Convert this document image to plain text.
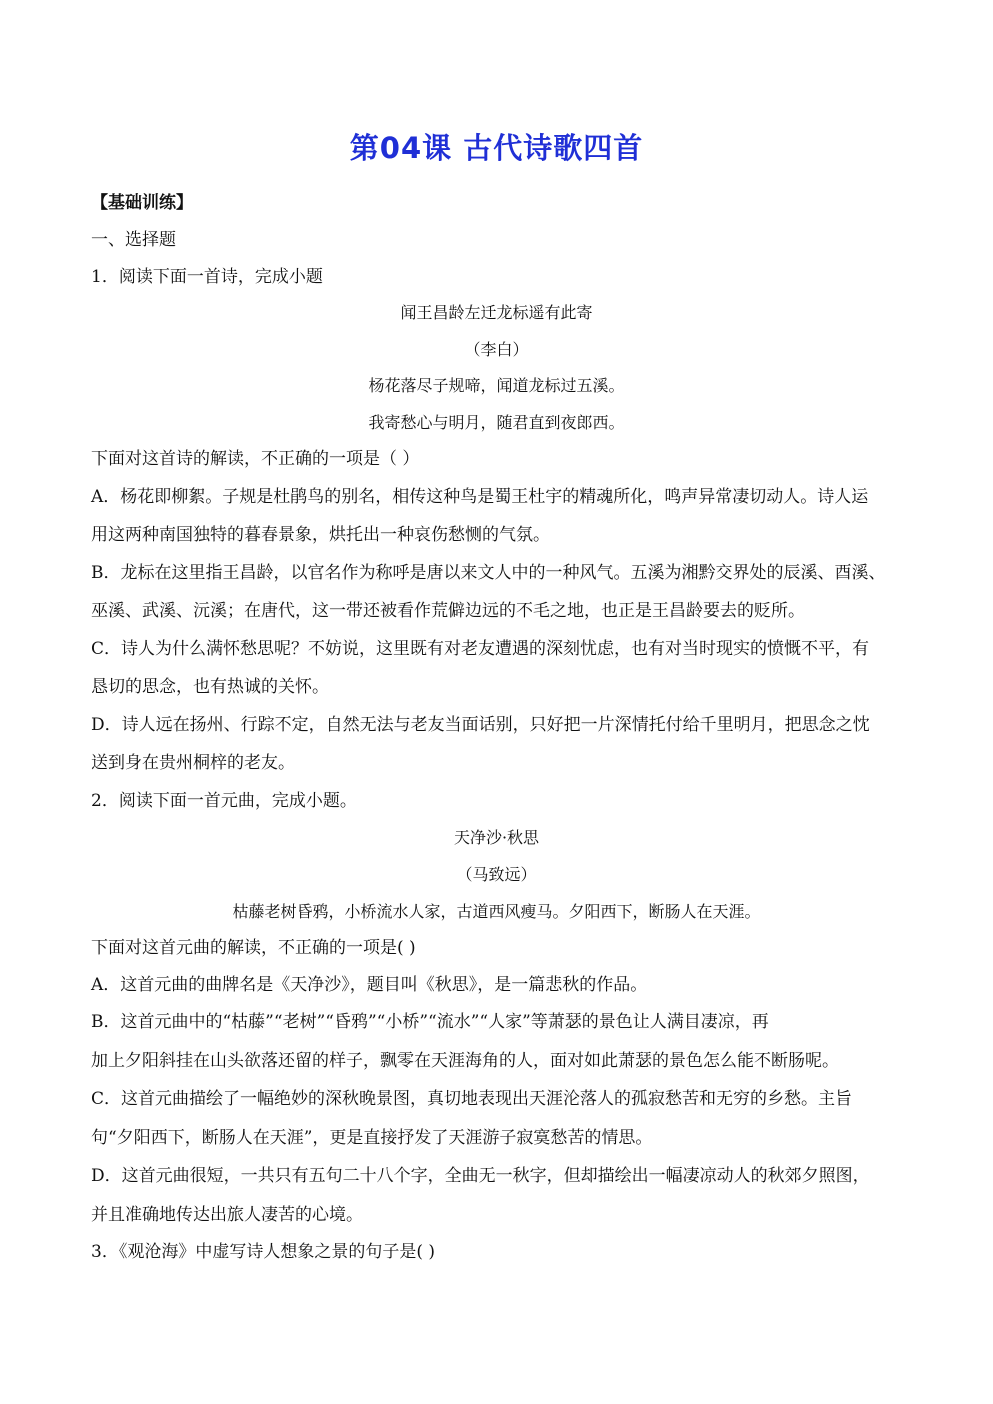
第04课 古代诗歌四首
【基础训练】
一、选择题
1．阅读下面一首诗，完成小题
闻王昌龄左迁龙标遥有此寄
（李白）
杨花落尽子规啼，闻道龙标过五溪。
我寄愁心与明月，随君直到夜郎西。
下面对这首诗的解读，不正确的一项是（ ）
A．杨花即柳絮。子规是杜鹃鸟的别名，相传这种鸟是蜀王杜宇的精魂所化，鸣声异常凄切动人。诗人运
用这两种南国独特的暮春景象，烘托出一种哀伤愁恻的气氛。
B．龙标在这里指王昌龄，以官名作为称呼是唐以来文人中的一种风气。五溪为湘黔交界处的辰溪、酉溪、
巫溪、武溪、沅溪；在唐代，这一带还被看作荒僻边远的不毛之地，也正是王昌龄要去的贬所。
C．诗人为什么满怀愁思呢？不妨说，这里既有对老友遭遇的深刻忧虑，也有对当时现实的愤慨不平，有
恳切的思念，也有热诚的关怀。
D．诗人远在扬州、行踪不定，自然无法与老友当面话别，只好把一片深情托付给千里明月，把思念之忱
送到身在贵州桐梓的老友。
2．阅读下面一首元曲，完成小题。
天净沙·秋思
（马致远）
枯藤老树昏鸦，小桥流水人家，古道西风瘦马。夕阳西下，断肠人在天涯。
下面对这首元曲的解读，不正确的一项是( )
A．这首元曲的曲牌名是《天净沙》，题目叫《秋思》，是一篇悲秋的作品。
B．这首元曲中的“枯藤”“老树”“昏鸦”“小桥”“流水”“人家”等萧瑟的景色让人满目凄凉，再
加上夕阳斜挂在山头欲落还留的样子，飘零在天涯海角的人，面对如此萧瑟的景色怎么能不断肠呢。
C．这首元曲描绘了一幅绝妙的深秋晚景图，真切地表现出天涯沦落人的孤寂愁苦和无穷的乡愁。主旨
句“夕阳西下，断肠人在天涯”，更是直接抒发了天涯游子寂寞愁苦的情思。
D．这首元曲很短，一共只有五句二十八个字，全曲无一秋字，但却描绘出一幅凄凉动人的秋郊夕照图，
并且准确地传达出旅人凄苦的心境。
3．《观沧海》中虚写诗人想象之景的句子是( )
